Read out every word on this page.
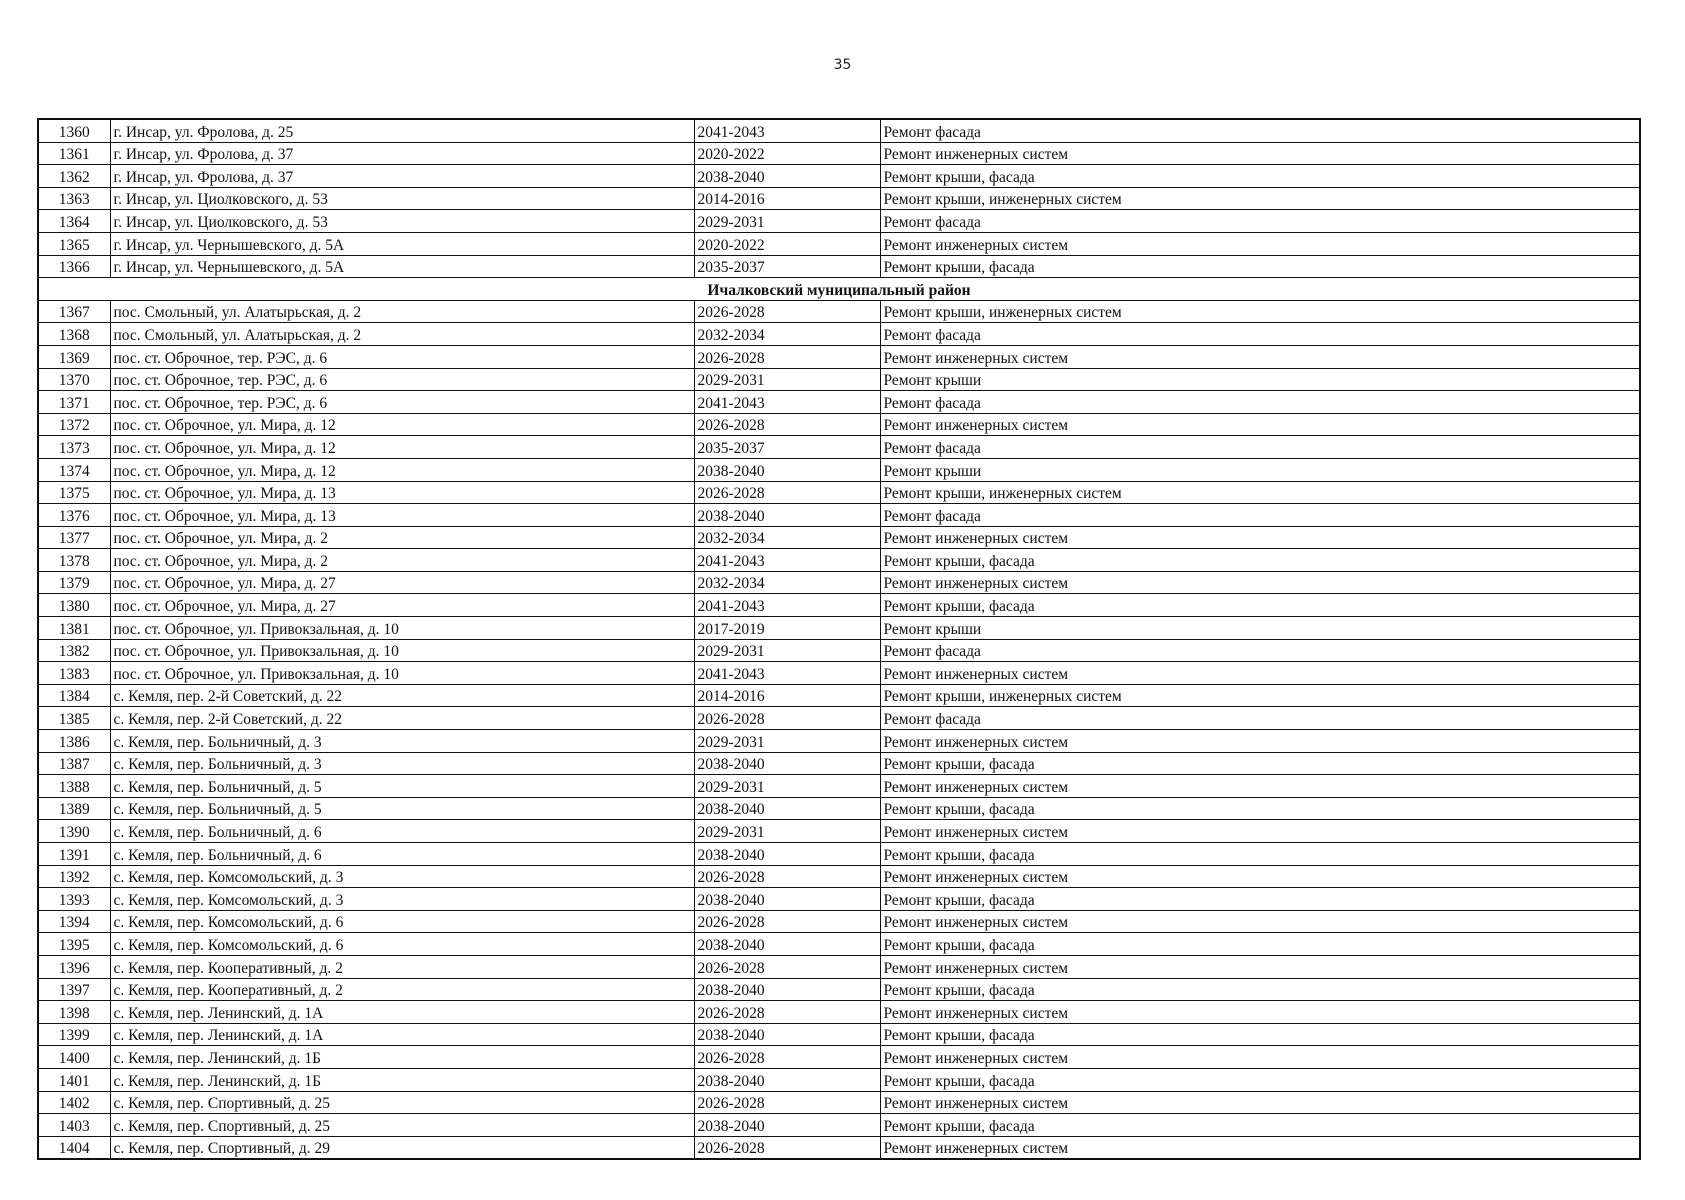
35
1360	г. Инсар, ул. Фролова, д. 25	2041-2043	Ремонт фасада
1361	г. Инсар, ул. Фролова, д. 37	2020-2022	Ремонт инженерных систем
1362	г. Инсар, ул. Фролова, д. 37	2038-2040	Ремонт крыши, фасада
1363	г. Инсар, ул. Циолковского, д. 53	2014-2016	Ремонт крыши, инженерных систем
1364	г. Инсар, ул. Циолковского, д. 53	2029-2031	Ремонт фасада
1365	г. Инсар, ул. Чернышевского, д. 5А	2020-2022	Ремонт инженерных систем
1366	г. Инсар, ул. Чернышевского, д. 5А	2035-2037	Ремонт крыши, фасада
Ичалковский муниципальный район			
1367	пос. Смольный, ул. Алатырьская, д. 2	2026-2028	Ремонт крыши, инженерных систем
1368	пос. Смольный, ул. Алатырьская, д. 2	2032-2034	Ремонт фасада
1369	пос. ст. Оброчное, тер. РЭС, д. 6	2026-2028	Ремонт инженерных систем
1370	пос. ст. Оброчное, тер. РЭС, д. 6	2029-2031	Ремонт крыши
1371	пос. ст. Оброчное, тер. РЭС, д. 6	2041-2043	Ремонт фасада
1372	пос. ст. Оброчное, ул. Мира, д. 12	2026-2028	Ремонт инженерных систем
1373	пос. ст. Оброчное, ул. Мира, д. 12	2035-2037	Ремонт фасада
1374	пос. ст. Оброчное, ул. Мира, д. 12	2038-2040	Ремонт крыши
1375	пос. ст. Оброчное, ул. Мира, д. 13	2026-2028	Ремонт крыши, инженерных систем
1376	пос. ст. Оброчное, ул. Мира, д. 13	2038-2040	Ремонт фасада
1377	пос. ст. Оброчное, ул. Мира, д. 2	2032-2034	Ремонт инженерных систем
1378	пос. ст. Оброчное, ул. Мира, д. 2	2041-2043	Ремонт крыши, фасада
1379	пос. ст. Оброчное, ул. Мира, д. 27	2032-2034	Ремонт инженерных систем
1380	пос. ст. Оброчное, ул. Мира, д. 27	2041-2043	Ремонт крыши, фасада
1381	пос. ст. Оброчное, ул. Привокзальная, д. 10	2017-2019	Ремонт крыши
1382	пос. ст. Оброчное, ул. Привокзальная, д. 10	2029-2031	Ремонт фасада
1383	пос. ст. Оброчное, ул. Привокзальная, д. 10	2041-2043	Ремонт инженерных систем
1384	с. Кемля, пер. 2-й Советский, д. 22	2014-2016	Ремонт крыши, инженерных систем
1385	с. Кемля, пер. 2-й Советский, д. 22	2026-2028	Ремонт фасада
1386	с. Кемля, пер. Больничный, д. 3	2029-2031	Ремонт инженерных систем
1387	с. Кемля, пер. Больничный, д. 3	2038-2040	Ремонт крыши, фасада
1388	с. Кемля, пер. Больничный, д. 5	2029-2031	Ремонт инженерных систем
1389	с. Кемля, пер. Больничный, д. 5	2038-2040	Ремонт крыши, фасада
1390	с. Кемля, пер. Больничный, д. 6	2029-2031	Ремонт инженерных систем
1391	с. Кемля, пер. Больничный, д. 6	2038-2040	Ремонт крыши, фасада
1392	с. Кемля, пер. Комсомольский, д. 3	2026-2028	Ремонт инженерных систем
1393	с. Кемля, пер. Комсомольский, д. 3	2038-2040	Ремонт крыши, фасада
1394	с. Кемля, пер. Комсомольский, д. 6	2026-2028	Ремонт инженерных систем
1395	с. Кемля, пер. Комсомольский, д. 6	2038-2040	Ремонт крыши, фасада
1396	с. Кемля, пер. Кооперативный, д. 2	2026-2028	Ремонт инженерных систем
1397	с. Кемля, пер. Кооперативный, д. 2	2038-2040	Ремонт крыши, фасада
1398	с. Кемля, пер. Ленинский, д. 1А	2026-2028	Ремонт инженерных систем
1399	с. Кемля, пер. Ленинский, д. 1А	2038-2040	Ремонт крыши, фасада
1400	с. Кемля, пер. Ленинский, д. 1Б	2026-2028	Ремонт инженерных систем
1401	с. Кемля, пер. Ленинский, д. 1Б	2038-2040	Ремонт крыши, фасада
1402	с. Кемля, пер. Спортивный, д. 25	2026-2028	Ремонт инженерных систем
1403	с. Кемля, пер. Спортивный, д. 25	2038-2040	Ремонт крыши, фасада
1404	с. Кемля, пер. Спортивный, д. 29	2026-2028	Ремонт инженерных систем
